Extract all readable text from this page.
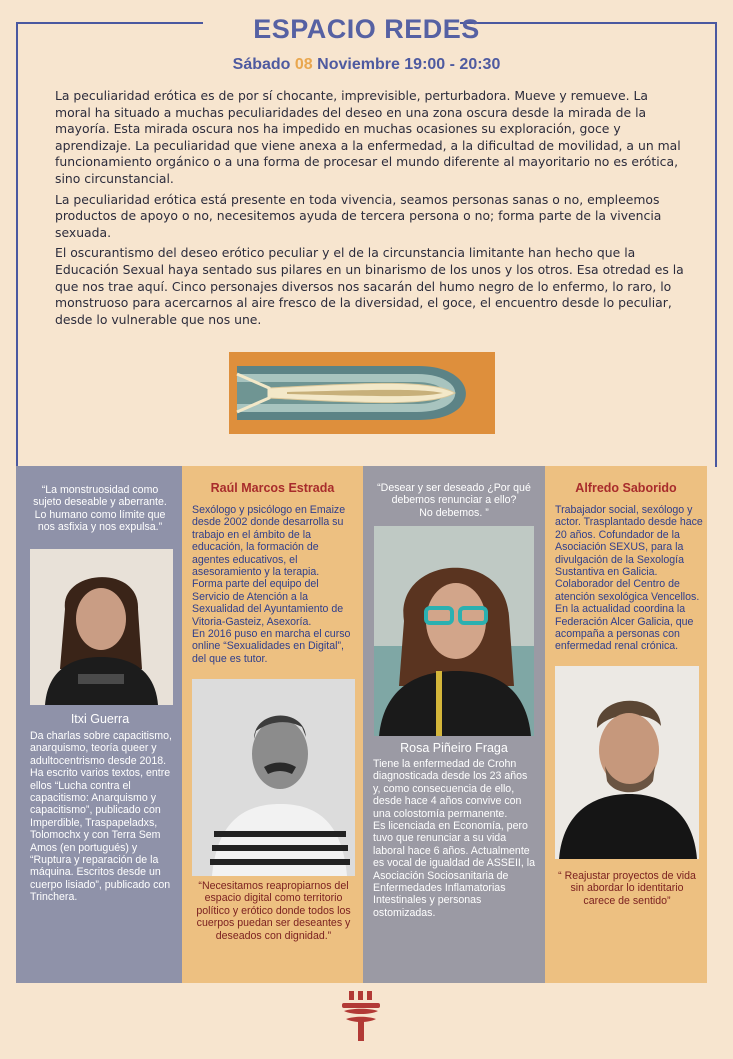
ESPACIO REDES
Sábado 08 Noviembre 19:00 - 20:30

La peculiaridad erótica es de por sí chocante, imprevisible, perturbadora. Mueve y remueve. La moral ha situado a muchas peculiaridades del deseo en una zona oscura desde la mirada de la mayoría. Esta mirada oscura nos ha impedido en muchas ocasiones su exploración, goce y aprendizaje. La peculiaridad que viene anexa a la enfermedad, a la dificultad de movilidad, a un mal funcionamiento orgánico o a una forma de procesar el mundo diferente al mayoritario no es erótica, sino circunstancial.

La peculiaridad erótica está presente en toda vivencia, seamos personas sanas o no, empleemos productos de apoyo o no, necesitemos ayuda de tercera persona o no; forma parte de la vivencia sexuada.

El oscurantismo del deseo erótico peculiar y el de la circunstancia limitante han hecho que la Educación Sexual haya sentado sus pilares en un binarismo de los unos y los otros. Esa otredad es la que nos trae aquí. Cinco personajes diversos nos sacarán del humo negro de lo enfermo, lo raro, lo monstruoso para acercarnos al aire fresco de la diversidad, el goce, el encuentro desde lo peculiar, desde lo vulnerable que nos une.

“La monstruosidad como sujeto deseable y aberrante. Lo humano como límite que nos asfixia y nos expulsa.”
Itxi Guerra
Da charlas sobre capacitismo, anarquismo, teoría queer y adultocentrismo desde 2018. Ha escrito varios textos, entre ellos “Lucha contra el capacitismo: Anarquismo y capacitismo”, publicado con Imperdible, Traspapeladxs, Tolomochx y con Terra Sem Amos (en portugués) y “Ruptura y reparación de la máquina. Escritos desde un cuerpo lisiado”, publicado con Trinchera.
Raúl Marcos Estrada
Sexólogo y psicólogo en Emaize desde 2002 donde desarrolla su trabajo en el ámbito de la educación, la formación de agentes educativos, el asesoramiento y la terapia.
Forma parte del equipo del Servicio de Atención a la Sexualidad del Ayuntamiento de Vitoria-Gasteiz, Asexoría.
En 2016 puso en marcha el curso online “Sexualidades en Digital”, del que es tutor.
“Necesitamos reapropiarnos del espacio digital como territorio político y erótico donde todos los cuerpos puedan ser deseantes y deseados con dignidad.”
“Desear y ser deseado ¿Por qué debemos renunciar a ello?
No debemos. ”
Rosa Piñeiro Fraga
Tiene la enfermedad de Crohn diagnosticada desde los 23 años y, como consecuencia de ello, desde hace 4 años convive con una colostomía permanente.
Es licenciada en Economía, pero tuvo que renunciar a su vida laboral hace 6 años. Actualmente es vocal de igualdad de ASSEII, la Asociación Sociosanitaria de Enfermedades Inflamatorias Intestinales y personas ostomizadas.
Alfredo Saborido
Trabajador social, sexólogo y actor. Trasplantado desde hace 20 años. Cofundador de la Asociación SEXUS, para la divulgación de la Sexología Sustantiva en Galicia. Colaborador del Centro de atención sexológica Vencellos. En la actualidad coordina la Federación Alcer Galicia, que acompaña a personas con enfermedad renal crónica.
“ Reajustar proyectos de vida sin abordar lo identitario carece de sentido”
